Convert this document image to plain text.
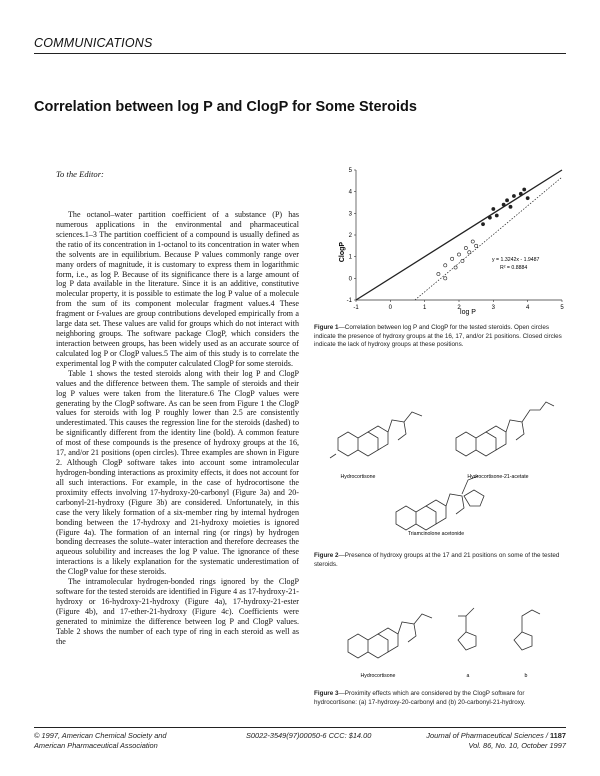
COMMUNICATIONS
Correlation between log P and ClogP for Some Steroids
To the Editor:

The octanol–water partition coefficient of a substance (P) has numerous applications in the environmental and pharmaceutical sciences.1–3 The partition coefficient of a compound is usually defined as the ratio of its concentration in 1-octanol to its concentration in water when the solvents are in equilibrium. Because P values commonly range over many orders of magnitude, it is customary to express them in logarithmic form, i.e., as log P. Because of its significance there is a large amount of log P data available in the literature. Since it is an additive, constitutive molecular property, it is possible to estimate the log P value of a molecule from the sum of its component molecular fragment values.4 These fragment or f-values are group contributions developed empirically from a large data set. These values are valid for groups which do not interact with neighboring groups. The software package ClogP, which considers the interaction between groups, has been widely used as an accurate source of calculated log P or ClogP values.5 The aim of this study is to correlate the experimental log P with the computer calculated ClogP for some steroids.

Table 1 shows the tested steroids along with their log P and ClogP values and the difference between them. The sample of steroids and their log P values were taken from the literature.6 The ClogP values were generating by the ClogP software. As can be seen from Figure 1 the ClogP values for steroids with log P roughly lower than 2.5 are consistently underestimated. This causes the regression line for the steroids (dashed) to be significantly different from the identity line (bold). A common feature of most of these compounds is the presence of hydroxy groups at the 16, 17, and/or 21 positions (open circles). Three examples are shown in Figure 2. Although ClogP software takes into account some intramolecular hydrogen-bonding interactions as proximity effects, it does not account for all such interactions. For example, in the case of hydrocortisone the proximity effects involving 17-hydroxy-20-carbonyl (Figure 3a) and 20-carbonyl-21-hydroxy (Figure 3b) are considered. Unfortunately, in this case the very likely formation of a six-member ring by internal hydrogen bonding between the 17-hydroxy and 21-hydroxy moieties is ignored (Figure 4a). The formation of an internal ring (or rings) by hydrogen bonding decreases the solute–water interaction and therefore decreases the aqueous solubility and increases the log P value. The ignorance of these interactions is a likely explanation for the systematic underestimation of the ClogP value for these steroids.

The intramolecular hydrogen-bonded rings ignored by the ClogP software for the tested steroids are identified in Figure 4 as 17-hydroxy-21-hydroxy or 16-hydroxy-21-hydroxy (Figure 4a), 17-hydroxy-21-ester (Figure 4b), and 17-ether-21-hydroxy (Figure 4c). Coefficients were generated to minimize the difference between log P and ClogP values. Table 2 shows the number of each type of ring in each steroid as well as the

-1	0	1	2	3	4	5
-1
0
1
2
3
4
5
ClogP
log P
y = 1.3242x - 1.9487
R² = 0.8884
Figure 1—Correlation between log P and ClogP for the tested steroids. Open circles indicate the presence of hydroxy groups at the 16, 17, and/or 21 positions. Closed circles indicate the lack of hydroxy groups at these positions.
Hydrocortisone	Hydrocortisone-21-acetate
Triamcinolone acetonide
Figure 2—Presence of hydroxy groups at the 17 and 21 positions on some of the tested steroids.
Hydrocortisone	a	b
Figure 3—Proximity effects which are considered by the ClogP software for hydrocortisone: (a) 17-hydroxy-20-carbonyl and (b) 20-carbonyl-21-hydroxy.
© 1997, American Chemical Society and
American Pharmaceutical Association
S0022-3549(97)00050-6 CCC: $14.00	Journal of Pharmaceutical Sciences / 1187
Vol. 86, No. 10, October 1997
